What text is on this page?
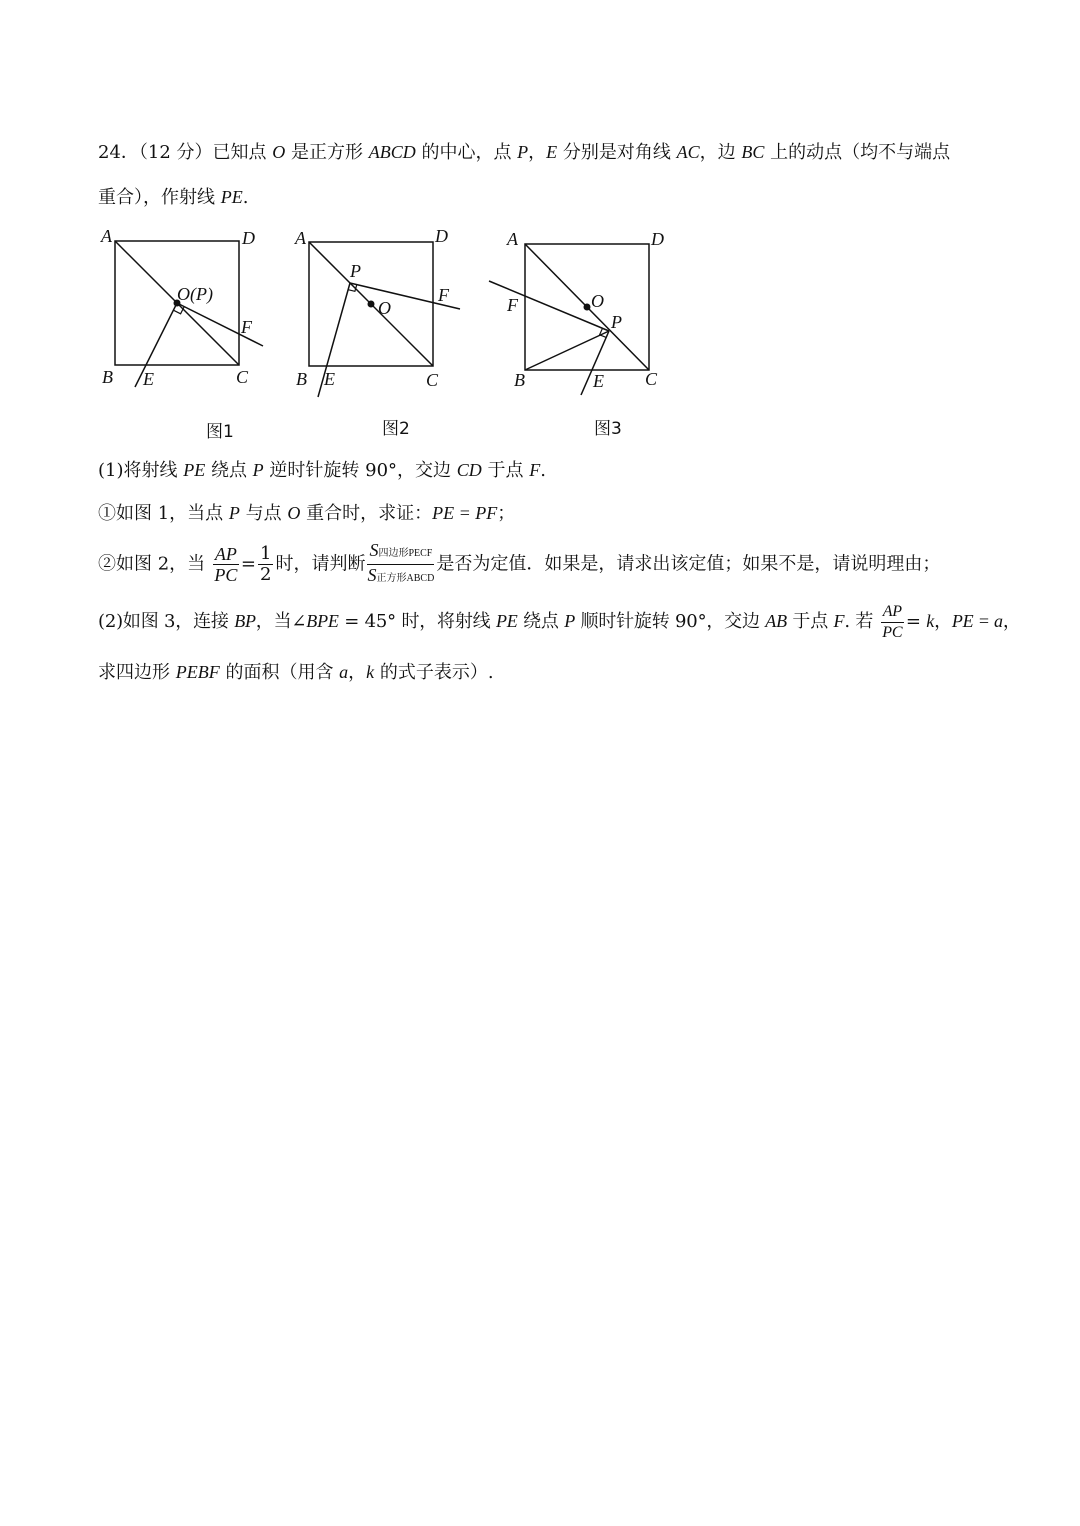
24．（12 分）已知点 O 是正方形 ABCD 的中心，点 P，E 分别是对角线 AC，边 BC 上的动点（均不与端点
重合），作射线 PE.
A	D
B E	C
F
O(P)
图1
A	D
B E	C
F
P
O
图2
A	D
B	E C
F
P
O
图3
(1)将射线 PE 绕点 P 逆时针旋转 90°，交边 CD 于点 F.
①如图 1，当点 P 与点 O 重合时，求证：PE = PF；
②如图 2，当 $\frac{AP}{PC} = \frac{1}{2}$ 时，请判断 $\frac{\text{S四边形PECF}}{\text{S正方形ABCD}}$ 是否为定值．如果是，请求出该定值；如果不是，请说明理由；
(2)如图 3，连接 BP，当∠BPE = 45° 时，将射线 PE 绕点 P 顺时针旋转 90°，交边 AB 于点 F. 若 $\frac{AP}{PC} = k$，PE = a，
求四边形 PEBF 的面积（用含 a，k 的式子表示）.
